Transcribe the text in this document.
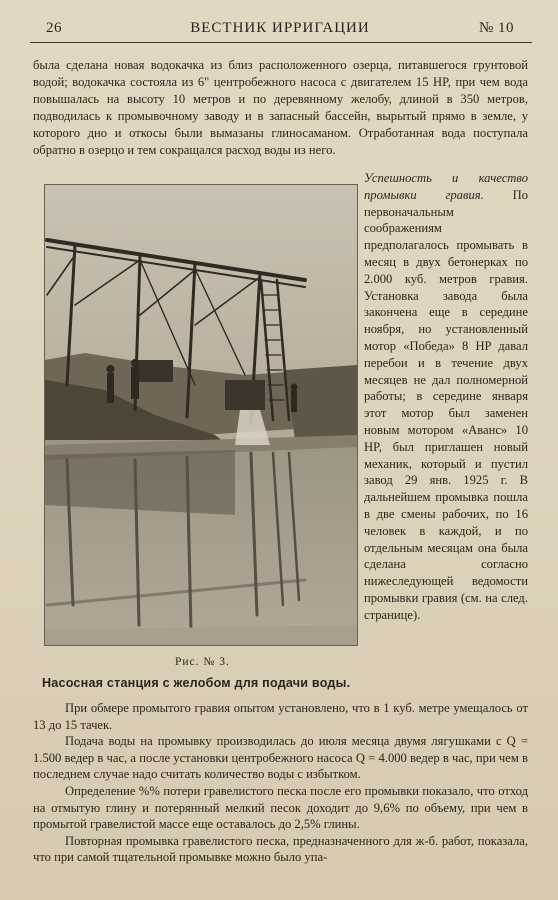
26	ВЕСТНИК ИРРИГАЦИИ	№ 10

была сделана новая водокачка из близ расположенного озерца, питавшегося грунтовой водой; водокачка состояла из 6" центробежного насоса с двигателем 15 HP, при чем вода повышалась на высоту 10 метров и по деревянному желобу, длиной в 350 метров, подводилась к промывочному заводу и в запасный бассейн, вырытый прямо в земле, у которого дно и откосы были вымазаны глиносаманом. Отработанная вода поступала обратно в озерцо и тем сокращался расход воды из него.

Рис. № 3.
Насосная станция с желобом для подачи воды.

Успешность и качество промывки гравия. По первоначальным соображениям предполагалось промывать в месяц в двух бетонерках по 2.000 куб. метров гравия. Установка завода была закончена еще в середине ноября, но установленный мотор «Победа» 8 HP давал перебои и в течение двух месяцев не дал полномерной работы; в середине января этот мотор был заменен новым мотором «Аванс» 10 HP, был приглашен новый механик, который и пустил завод 29 янв. 1925 г. В дальнейшем промывка пошла в две смены рабочих, по 16 человек в каждой, и по отдельным месяцам она была сделана согласно нижеследующей ведомости промывки гравия (см. на след. странице).

При обмере промытого гравия опытом установлено, что в 1 куб. метре умещалось от 13 до 15 тачек.

Подача воды на промывку производилась до июля месяца двумя лягушками с Q = 1.500 ведер в час, а после установки центробежного насоса Q = 4.000 ведер в час, при чем в последнем случае надо считать количество воды с избытком.

Определение %% потери гравелистого песка после его промывки показало, что отход на отмытую глину и потерянный мелкий песок доходит до 9,6% по объему, при чем в промытой гравелистой массе еще оставалось до 2,5% глины.

Повторная промывка гравелистого песка, предназначенного для ж-б. работ, показала, что при самой тщательной промывке можно было упа-
